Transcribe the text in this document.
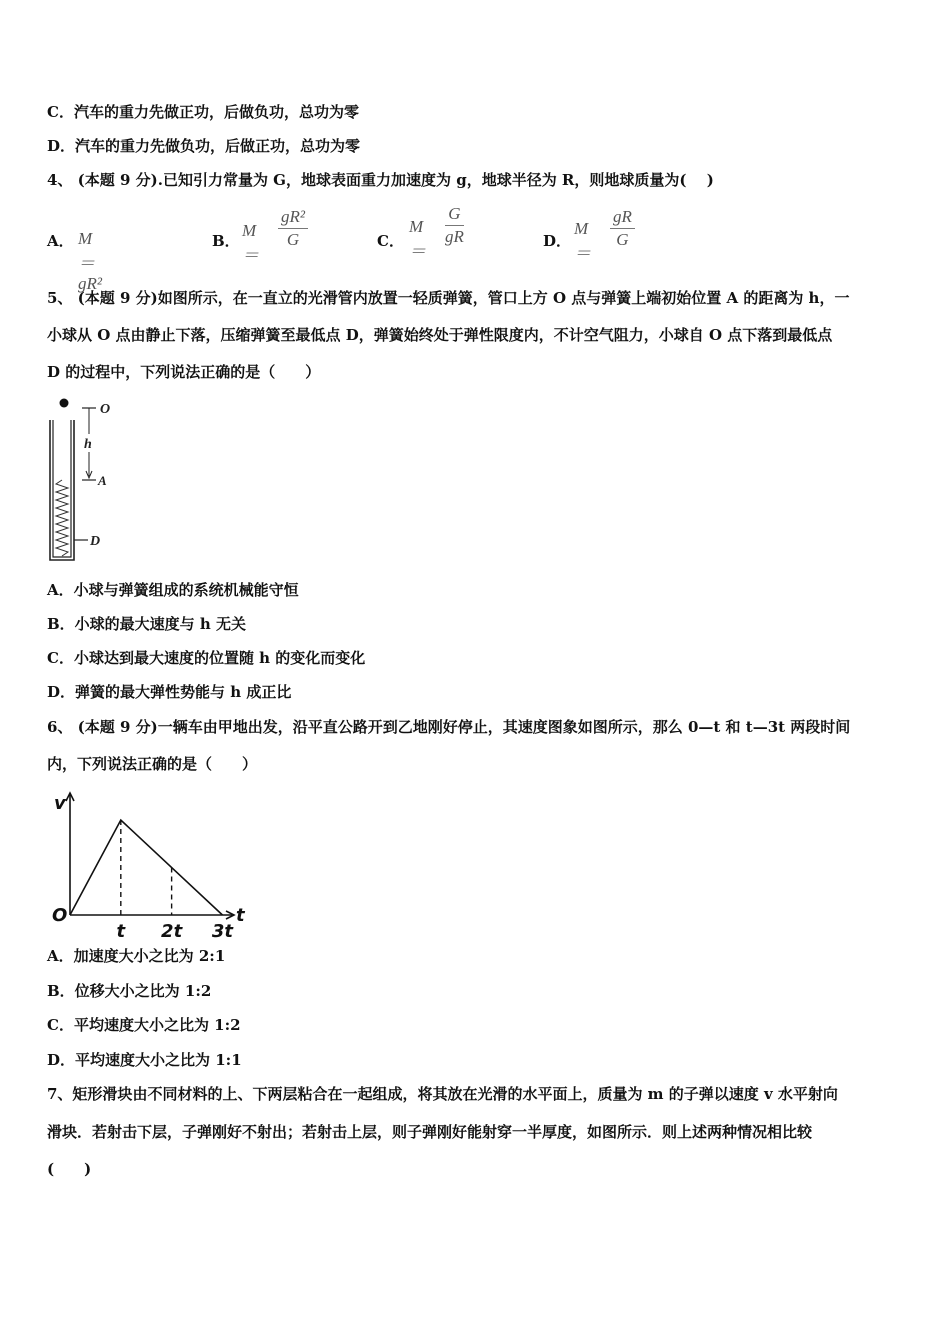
C．汽车的重力先做正功，后做负功，总功为零
D．汽车的重力先做负功，后做正功，总功为零
4、 (本题 9 分).已知引力常量为 G，地球表面重力加速度为 g，地球半径为 R，则地球质量为(　 )
A． M ＝gR²
B．
M ＝
$\frac{\text{gR²}}{G}$	C．
M ＝
$\frac{G}{gR}$	D．
M ＝
$\frac{gR}{G}$
5、 (本题 9 分)如图所示，在一直立的光滑管内放置一轻质弹簧，管口上方 O 点与弹簧上端初始位置 A 的距离为 h，一
小球从 O 点由静止下落，压缩弹簧至最低点 D，弹簧始终处于弹性限度内，不计空气阻力，小球自 O 点下落到最低点
D 的过程中，下列说法正确的是（　　）
O
h
A
D
A．小球与弹簧组成的系统机械能守恒
B．小球的最大速度与 h 无关
C．小球达到最大速度的位置随 h 的变化而变化
D．弹簧的最大弹性势能与 h 成正比
6、 (本题 9 分)一辆车由甲地出发，沿平直公路开到乙地刚好停止，其速度图象如图所示，那么 0—t 和 t—3t 两段时间
内，下列说法正确的是（　　）
O
v
t
t 2t 3t
A．加速度大小之比为 2:1
B．位移大小之比为 1:2
C．平均速度大小之比为 1:2
D．平均速度大小之比为 1:1
7、矩形滑块由不同材料的上、下两层粘合在一起组成，将其放在光滑的水平面上，质量为 m 的子弹以速度 v 水平射向
滑块．若射击下层，子弹刚好不射出；若射击上层，则子弹刚好能射穿一半厚度，如图所示．则上述两种情况相比较
(　　)
